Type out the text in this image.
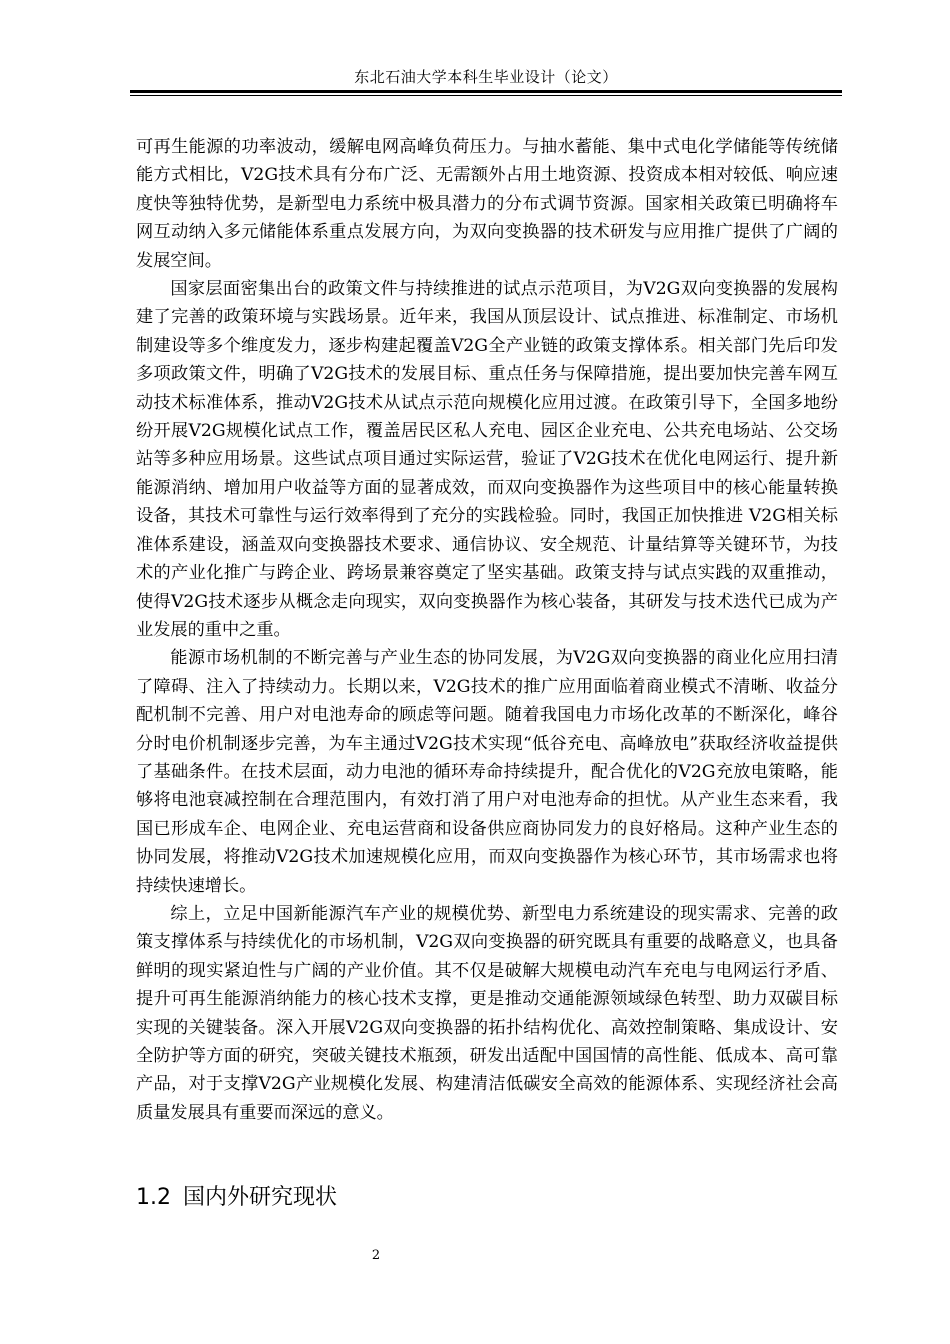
东北石油大学本科生毕业设计（论文）

可再生能源的功率波动，缓解电网高峰负荷压力。与抽水蓄能、集中式电化学储能等传统储能方式相比，V2G技术具有分布广泛、无需额外占用土地资源、投资成本相对较低、响应速度快等独特优势，是新型电力系统中极具潜力的分布式调节资源。国家相关政策已明确将车网互动纳入多元储能体系重点发展方向，为双向变换器的技术研发与应用推广提供了广阔的发展空间。

国家层面密集出台的政策文件与持续推进的试点示范项目，为V2G双向变换器的发展构建了完善的政策环境与实践场景。近年来，我国从顶层设计、试点推进、标准制定、市场机制建设等多个维度发力，逐步构建起覆盖V2G全产业链的政策支撑体系。相关部门先后印发多项政策文件，明确了V2G技术的发展目标、重点任务与保障措施，提出要加快完善车网互动技术标准体系，推动V2G技术从试点示范向规模化应用过渡。在政策引导下，全国多地纷纷开展V2G规模化试点工作，覆盖居民区私人充电、园区企业充电、公共充电场站、公交场站等多种应用场景。这些试点项目通过实际运营，验证了V2G技术在优化电网运行、提升新能源消纳、增加用户收益等方面的显著成效，而双向变换器作为这些项目中的核心能量转换设备，其技术可靠性与运行效率得到了充分的实践检验。同时，我国正加快推进 V2G相关标准体系建设，涵盖双向变换器技术要求、通信协议、安全规范、计量结算等关键环节，为技术的产业化推广与跨企业、跨场景兼容奠定了坚实基础。政策支持与试点实践的双重推动，使得V2G技术逐步从概念走向现实，双向变换器作为核心装备，其研发与技术迭代已成为产业发展的重中之重。

能源市场机制的不断完善与产业生态的协同发展，为V2G双向变换器的商业化应用扫清了障碍、注入了持续动力。长期以来，V2G技术的推广应用面临着商业模式不清晰、收益分配机制不完善、用户对电池寿命的顾虑等问题。随着我国电力市场化改革的不断深化，峰谷分时电价机制逐步完善，为车主通过V2G技术实现“低谷充电、高峰放电”获取经济收益提供了基础条件。在技术层面，动力电池的循环寿命持续提升，配合优化的V2G充放电策略，能够将电池衰减控制在合理范围内，有效打消了用户对电池寿命的担忧。从产业生态来看，我国已形成车企、电网企业、充电运营商和设备供应商协同发力的良好格局。这种产业生态的协同发展，将推动V2G技术加速规模化应用，而双向变换器作为核心环节，其市场需求也将持续快速增长。

综上，立足中国新能源汽车产业的规模优势、新型电力系统建设的现实需求、完善的政策支撑体系与持续优化的市场机制，V2G双向变换器的研究既具有重要的战略意义，也具备鲜明的现实紧迫性与广阔的产业价值。其不仅是破解大规模电动汽车充电与电网运行矛盾、提升可再生能源消纳能力的核心技术支撑，更是推动交通能源领域绿色转型、助力双碳目标实现的关键装备。深入开展V2G双向变换器的拓扑结构优化、高效控制策略、集成设计、安全防护等方面的研究，突破关键技术瓶颈，研发出适配中国国情的高性能、低成本、高可靠产品，对于支撑V2G产业规模化发展、构建清洁低碳安全高效的能源体系、实现经济社会高质量发展具有重要而深远的意义。

1.2 国内外研究现状
2
